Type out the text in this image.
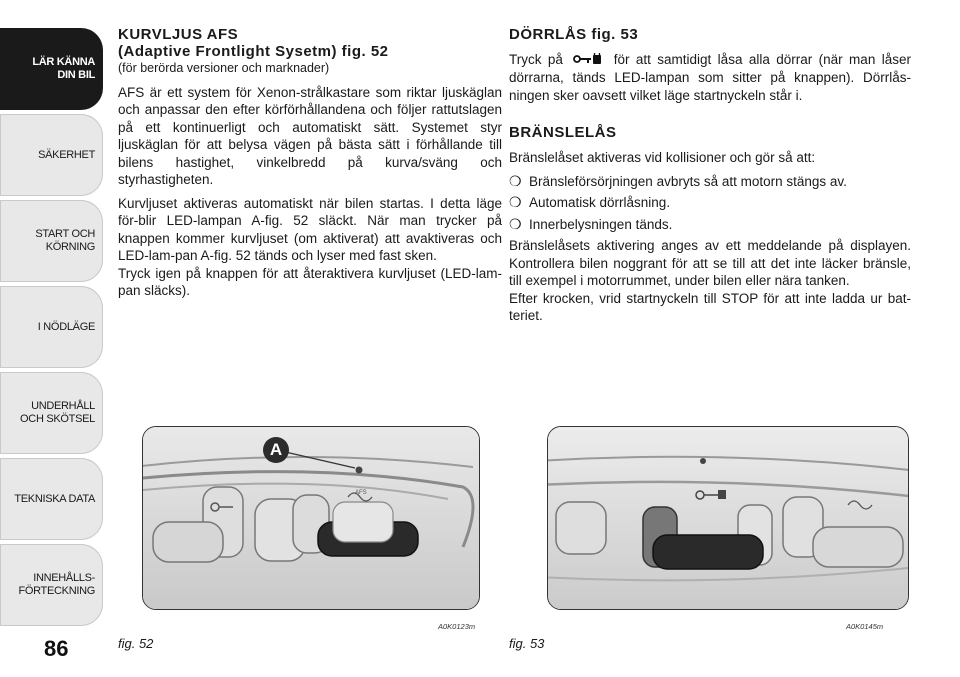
LÄR KÄNNA
DIN BIL
SÄKERHET
START OCH
KÖRNING
I NÖDLÄGE
UNDERHÅLL
OCH SKÖTSEL
TEKNISKA DATA
INNEHÅLLS-
FÖRTECKNING
86
KURVLJUS AFS
(Adaptive Frontlight Sysetm) fig. 52
(för berörda versioner och marknader)

AFS är ett system för Xenon-strålkastare som riktar ljuskäglan och anpassar den efter körförhållandena och följer rattutslagen på ett kontinuerligt och automatiskt sätt. Systemet styr ljuskäglan för att belysa vägen på bästa sätt i förhållande till bilens hastighet, vinkelbredd på kurva/sväng och styrhastigheten.

Kurvljuset aktiveras automatiskt när bilen startas. I detta läge för-blir LED-lampan A-fig. 52 släckt. När man trycker på knappen kommer kurvljuset (om aktiverat) att avaktiveras och LED-lam-pan A-fig. 52 tänds och lyser med fast sken.

Tryck igen på knappen för att återaktivera kurvljuset (LED-lam-pan släcks).

DÖRRLÅS fig. 53

Tryck på	för att samtidigt låsa alla dörrar (när man låser dörrarna, tänds LED-lampan som sitter på knappen). Dörrlås-ningen sker oavsett vilket läge startnyckeln står i.

BRÄNSLELÅS

Bränslelåset aktiveras vid kollisioner och gör så att:

❍ Bränsleförsörjningen avbryts så att motorn stängs av.
❍ Automatisk dörrlåsning.
❍ Innerbelysningen tänds.

Bränslelåsets aktivering anges av ett meddelande på displayen. Kontrollera bilen noggrant för att se till att det inte läcker bränsle, till exempel i motorrummet, under bilen eller nära tanken.

Efter krocken, vrid startnyckeln till STOP för att inte ladda ur bat-teriet.

AFS
A
fig. 52
A0K0123m
fig. 53
A0K0145m
